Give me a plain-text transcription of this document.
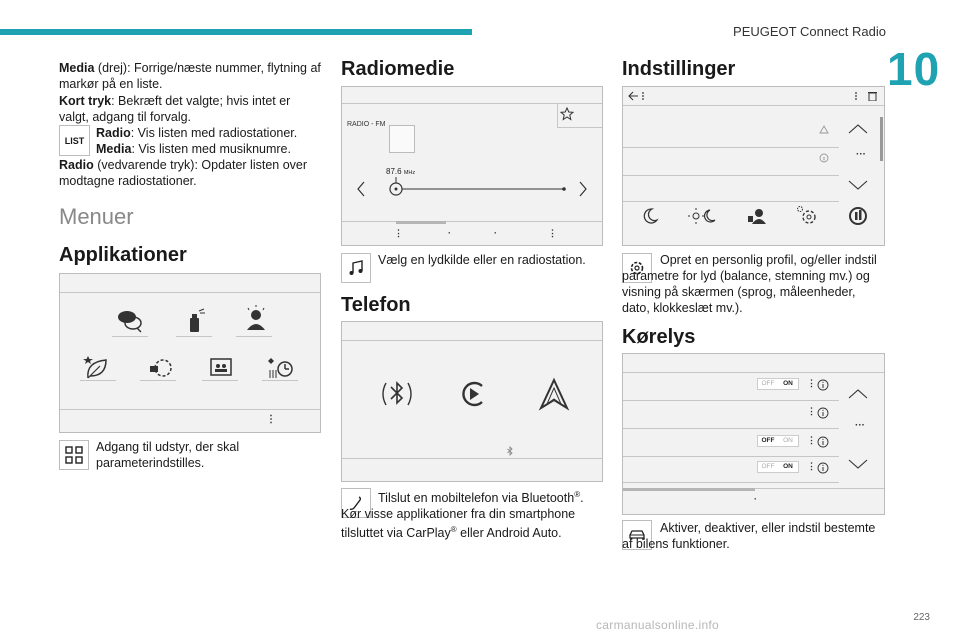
PEUGEOT Connect Radio
10
Media (drej): Forrige/næste nummer, flytning af markør på en liste.
Kort tryk: Bekræft det valgte; hvis intet er valgt, adgang til forvalg.
LIST
Radio: Vis listen med radiostationer.
Media: Vis listen med musiknumre.
Radio (vedvarende tryk): Opdater listen over modtagne radiostationer.
Menuer
Applikationer
⋮
Adgang til udstyr, der skal parameterindstilles.
Radiomedie
RADIO - FM
87.6 MHz
⋮	·	·	⋮
Vælg en lydkilde eller en radiostation.
Telefon
Tilslut en mobiltelefon via Bluetooth®. Kør visse applikationer fra din smartphone tilsluttet via CarPlay® eller Android Auto.
Indstillinger
···
Opret en personlig profil, og/eller indstil parametre for lyd (balance, stemning mv.) og visning på skærmen (sprog, måleenheder, dato, klokkeslæt mv.).
Kørelys
OFF	ON	⋮
⋮
OFF	ON	⋮
OFF	ON	⋮
···
·
Aktiver, deaktiver, eller indstil bestemte af bilens funktioner.
223
carmanualsonline.info
